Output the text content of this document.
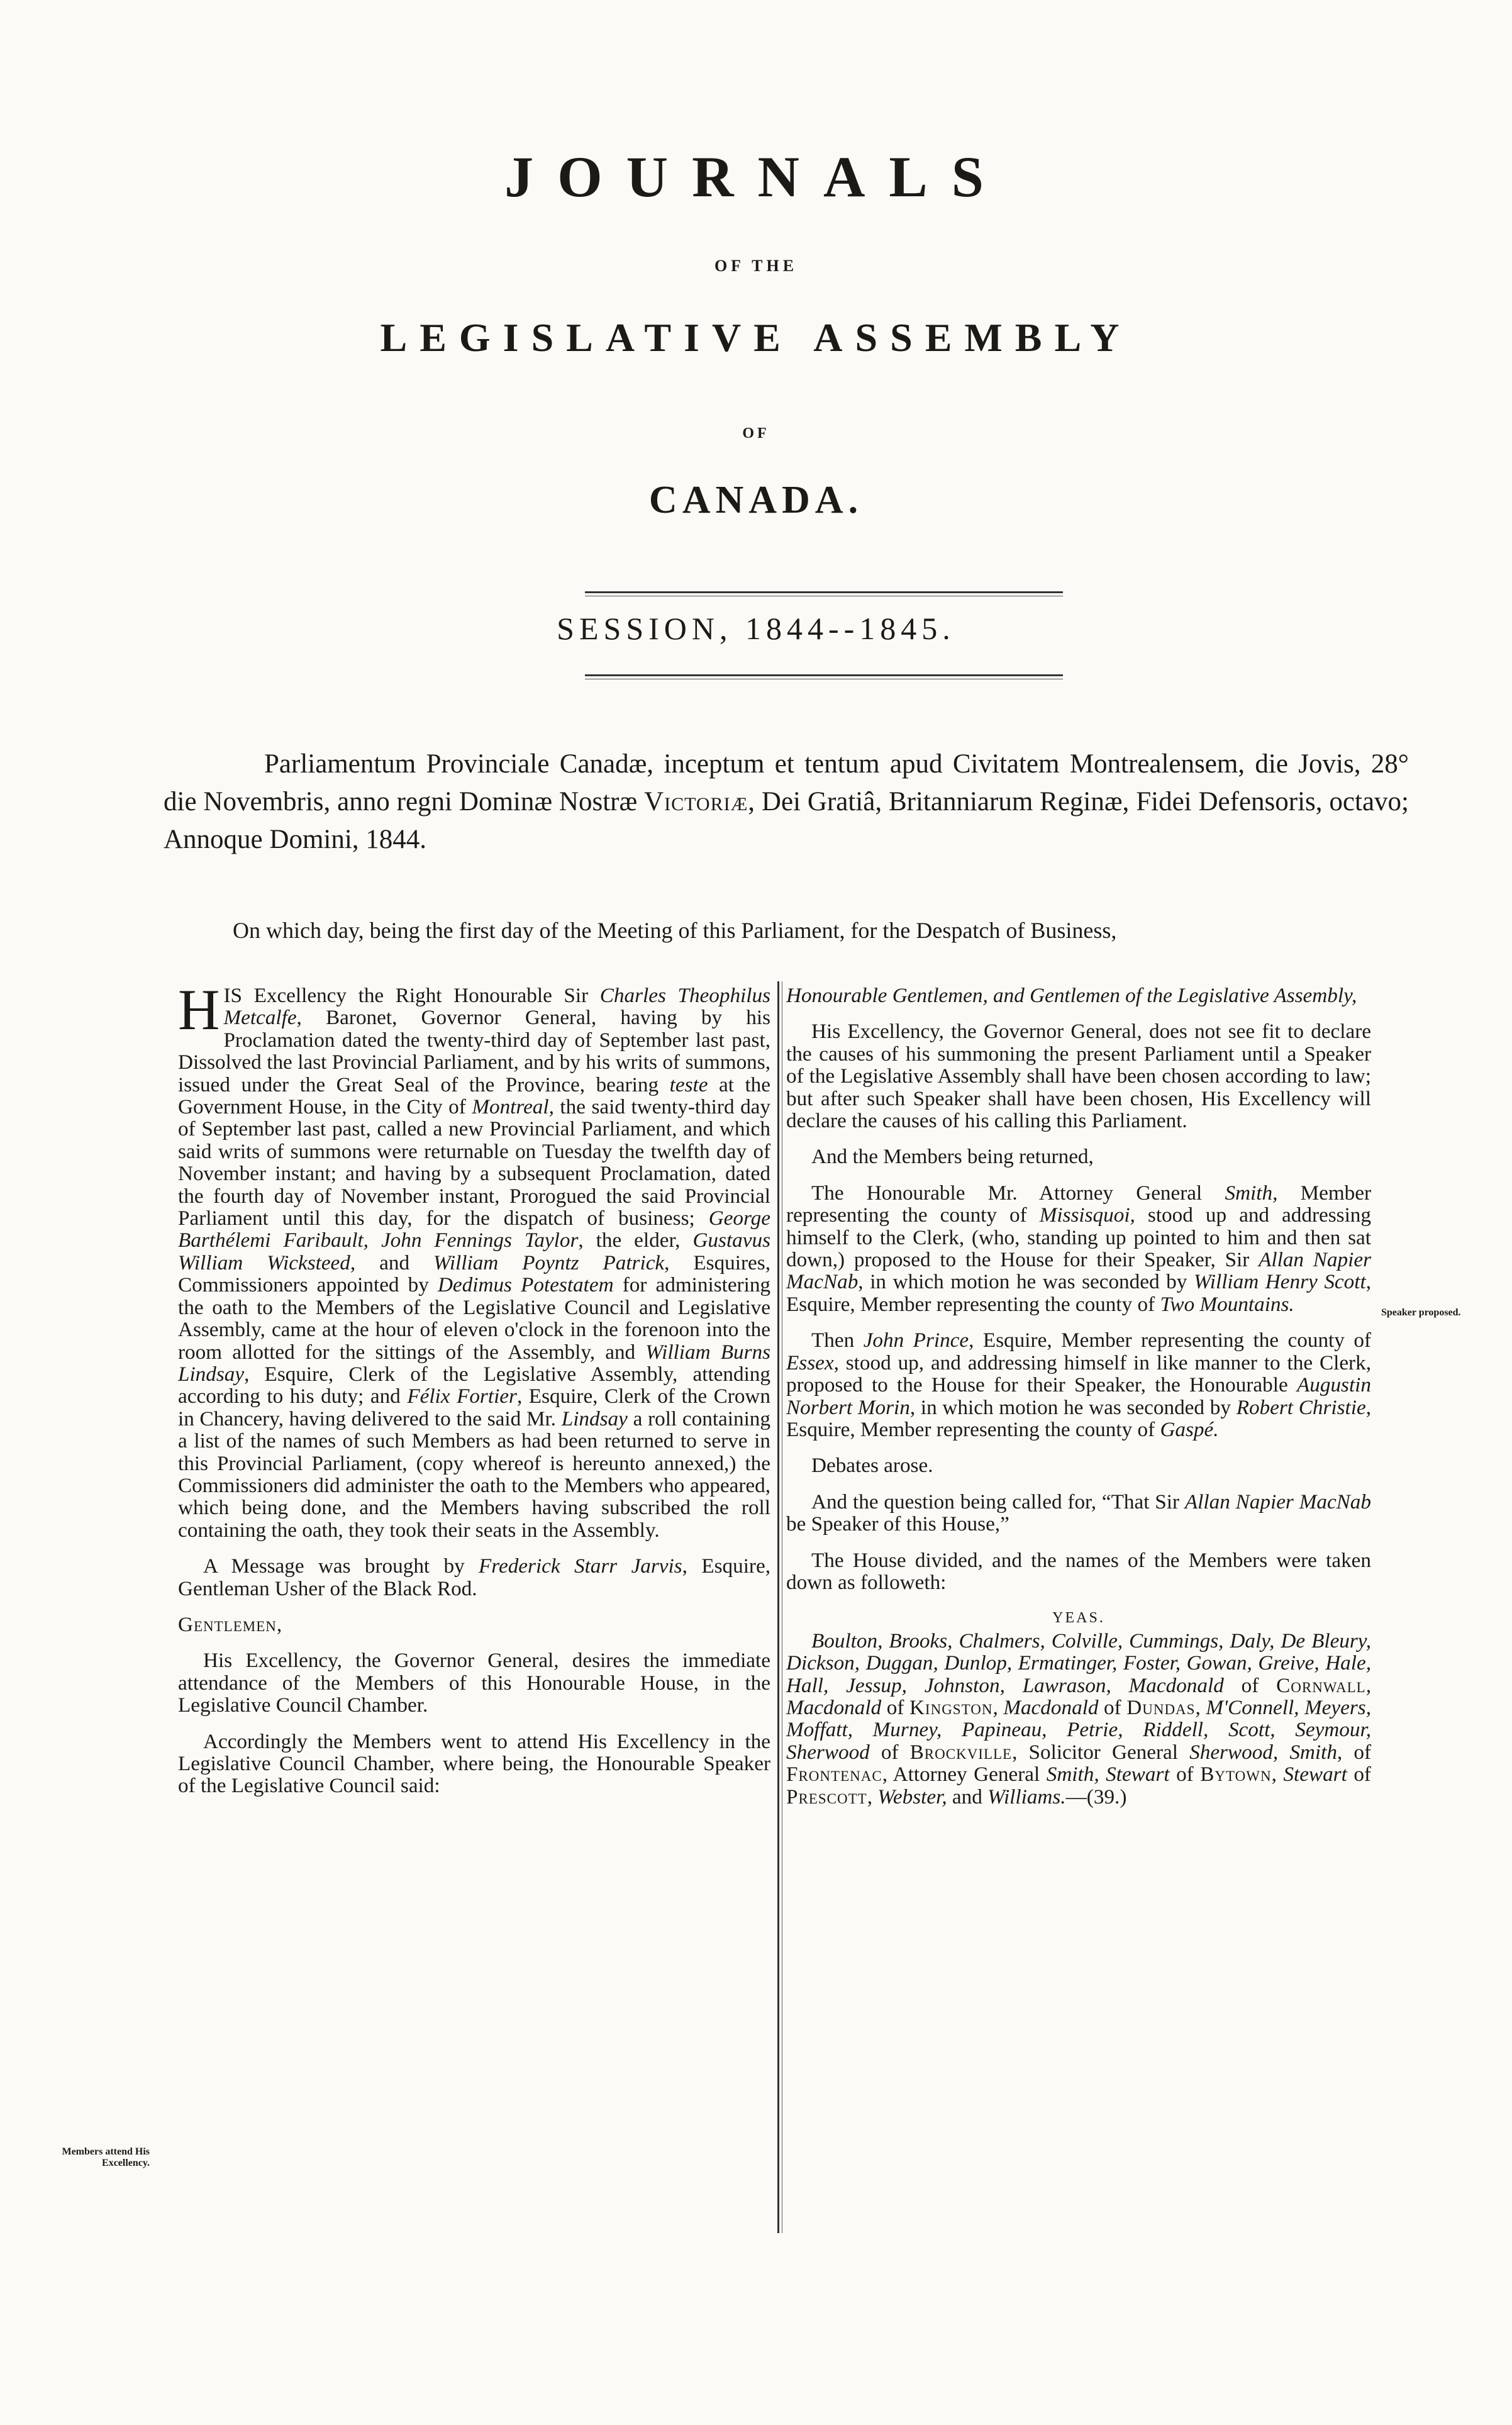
JOURNALS
OF THE
LEGISLATIVE ASSEMBLY
OF
CANADA.
SESSION, 1844--1845.
Parliamentum Provinciale Canadæ, inceptum et tentum apud Civitatem Montrealensem, die Jovis, 28° die Novembris, anno regni Dominæ Nostræ Victoriæ, Dei Gratiâ, Britanniarum Reginæ, Fidei Defensoris, octavo; Annoque Domini, 1844.
On which day, being the first day of the Meeting of this Parliament, for the Despatch of Business,

HIS Excellency the Right Honourable Sir Charles Theophilus Metcalfe, Baronet, Governor General, having by his Proclamation dated the twenty-third day of September last past, Dissolved the last Provincial Parliament, and by his writs of summons, issued under the Great Seal of the Province, bearing teste at the Government House, in the City of Montreal, the said twenty-third day of September last past, called a new Provincial Parliament, and which said writs of summons were returnable on Tuesday the twelfth day of November instant; and having by a subsequent Proclamation, dated the fourth day of November instant, Prorogued the said Provincial Parliament until this day, for the dispatch of business; George Barthélemi Faribault, John Fennings Taylor, the elder, Gustavus William Wicksteed, and William Poyntz Patrick, Esquires, Commissioners appointed by Dedimus Potestatem for administering the oath to the Members of the Legislative Council and Legislative Assembly, came at the hour of eleven o'clock in the forenoon into the room allotted for the sittings of the Assembly, and William Burns Lindsay, Esquire, Clerk of the Legislative Assembly, attending according to his duty; and Félix Fortier, Esquire, Clerk of the Crown in Chancery, having delivered to the said Mr. Lindsay a roll containing a list of the names of such Members as had been returned to serve in this Provincial Parliament, (copy whereof is hereunto annexed,) the Commissioners did administer the oath to the Members who appeared, which being done, and the Members having subscribed the roll containing the oath, they took their seats in the Assembly.

A Message was brought by Frederick Starr Jarvis, Esquire, Gentleman Usher of the Black Rod.

Gentlemen,

His Excellency, the Governor General, desires the immediate attendance of the Members of this Honourable House, in the Legislative Council Chamber.

Accordingly the Members went to attend His Excellency in the Legislative Council Chamber, where being, the Honourable Speaker of the Legislative Council said:

Honourable Gentlemen, and Gentlemen of the Legislative Assembly,

His Excellency, the Governor General, does not see fit to declare the causes of his summoning the present Parliament until a Speaker of the Legislative Assembly shall have been chosen according to law; but after such Speaker shall have been chosen, His Excellency will declare the causes of his calling this Parliament.

And the Members being returned,

The Honourable Mr. Attorney General Smith, Member representing the county of Missisquoi, stood up and addressing himself to the Clerk, (who, standing up pointed to him and then sat down,) proposed to the House for their Speaker, Sir Allan Napier MacNab, in which motion he was seconded by William Henry Scott, Esquire, Member representing the county of Two Mountains.

Then John Prince, Esquire, Member representing the county of Essex, stood up, and addressing himself in like manner to the Clerk, proposed to the House for their Speaker, the Honourable Augustin Norbert Morin, in which motion he was seconded by Robert Christie, Esquire, Member representing the county of Gaspé.

Debates arose.

And the question being called for, “That Sir Allan Napier MacNab be Speaker of this House,”

The House divided, and the names of the Members were taken down as followeth:

YEAS.

Boulton, Brooks, Chalmers, Colville, Cummings, Daly, De Bleury, Dickson, Duggan, Dunlop, Ermatinger, Foster, Gowan, Greive, Hale, Hall, Jessup, Johnston, Lawrason, Macdonald of Cornwall, Macdonald of Kingston, Macdonald of Dundas, M'Connell, Meyers, Moffatt, Murney, Papineau, Petrie, Riddell, Scott, Seymour, Sherwood of Brockville, Solicitor General Sherwood, Smith, of Frontenac, Attorney General Smith, Stewart of Bytown, Stewart of Prescott, Webster, and Williams.—(39.)

Members attend His Excellency.
Speaker proposed.
